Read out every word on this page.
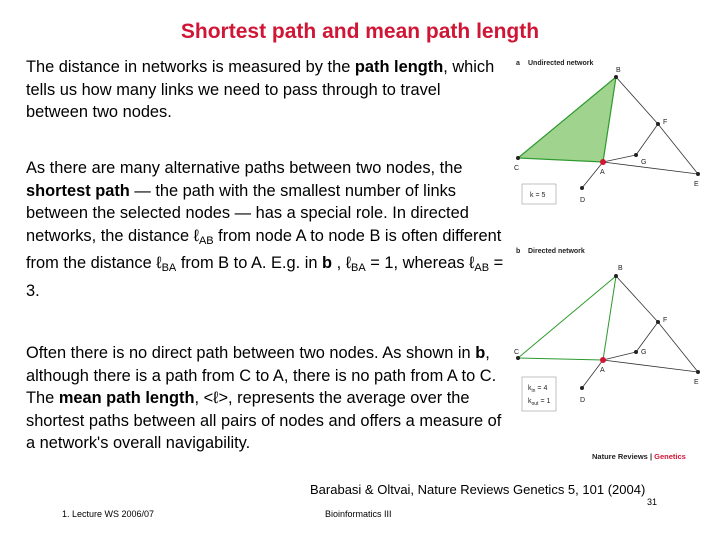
Shortest path and mean path length
The distance in networks is measured by the path length, which tells us how many links we need to pass through to travel between two nodes.
As there are many alternative paths between two nodes, the shortest path — the path with the smallest number of links between the selected nodes — has a special role. In directed networks, the distance ℓ$_{AB}$ from node A to node B is often different from the distance ℓ$_{BA}$ from B to A. E.g. in b , ℓ$_{BA}$ = 1, whereas ℓ$_{AB}$ = 3.
Often there is no direct path between two nodes. As shown in b, although there is a path from C to A, there is no path from A to C. The mean path length, <ℓ>, represents the average over the shortest paths between all pairs of nodes and offers a measure of a network's overall navigability.
a Undirected network
B
C
A
F
G
E
D
k = 5
b Directed network
B
C
A
F
G
E
D
$k_{in} = 4$
$k_{out} = 1$
Nature Reviews | Genetics
Barabasi & Oltvai, Nature Reviews Genetics 5, 101 (2004)
31
1. Lecture WS 2006/07	Bioinformatics III
